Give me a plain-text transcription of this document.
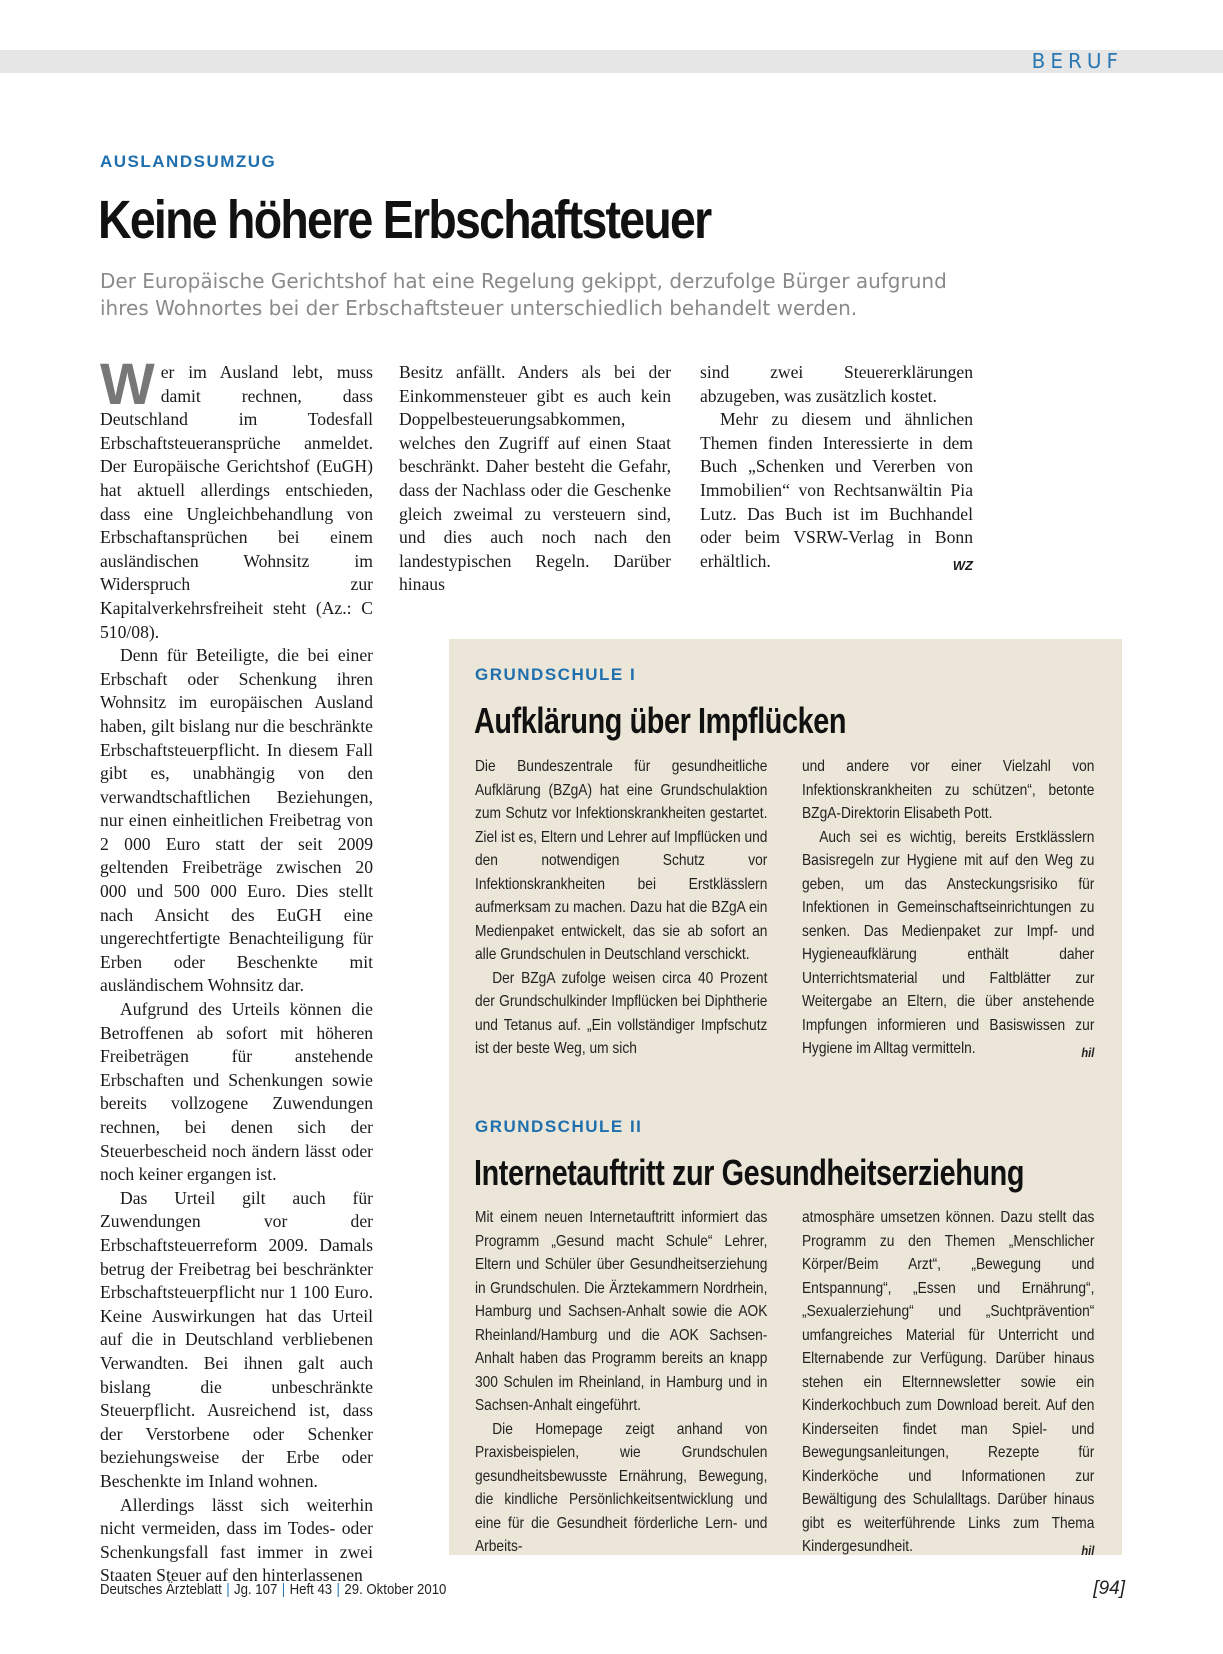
BERUF
AUSLANDSUMZUG
Keine höhere Erbschaftsteuer
Der Europäische Gerichtshof hat eine Regelung gekippt, derzufolge Bürger aufgrund ihres Wohnortes bei der Erbschaftsteuer unterschiedlich behandelt werden.

Wer im Ausland lebt, muss damit rechnen, dass Deutschland im Todesfall Erbschaftsteueransprüche anmeldet. Der Europäische Gerichtshof (EuGH) hat aktuell allerdings entschieden, dass eine Ungleichbehandlung von Erbschaftansprüchen bei einem ausländischen Wohnsitz im Widerspruch zur Kapitalverkehrsfreiheit steht (Az.: C 510/08).

Denn für Beteiligte, die bei einer Erbschaft oder Schenkung ihren Wohnsitz im europäischen Ausland haben, gilt bislang nur die beschränkte Erbschaftsteuerpflicht. In diesem Fall gibt es, unabhängig von den verwandtschaftlichen Beziehungen, nur einen einheitlichen Freibetrag von 2 000 Euro statt der seit 2009 geltenden Freibeträge zwischen 20 000 und 500 000 Euro. Dies stellt nach Ansicht des EuGH eine ungerechtfertigte Benachteiligung für Erben oder Beschenkte mit ausländischem Wohnsitz dar.

Aufgrund des Urteils können die Betroffenen ab sofort mit höheren Freibeträgen für anstehende Erbschaften und Schenkungen sowie bereits vollzogene Zuwendungen rechnen, bei denen sich der Steuerbescheid noch ändern lässt oder noch keiner ergangen ist.

Das Urteil gilt auch für Zuwendungen vor der Erbschaftsteuerreform 2009. Damals betrug der Freibetrag bei beschränkter Erbschaftsteuerpflicht nur 1 100 Euro. Keine Auswirkungen hat das Urteil auf die in Deutschland verbliebenen Verwandten. Bei ihnen galt auch bislang die unbeschränkte Steuerpflicht. Ausreichend ist, dass der Verstorbene oder Schenker beziehungsweise der Erbe oder Beschenkte im Inland wohnen.

Allerdings lässt sich weiterhin nicht vermeiden, dass im Todes- oder Schenkungsfall fast immer in zwei Staaten Steuer auf den hinterlassenen

Besitz anfällt. Anders als bei der Einkommensteuer gibt es auch kein Doppelbesteuerungsabkommen, welches den Zugriff auf einen Staat beschränkt. Daher besteht die Gefahr, dass der Nachlass oder die Geschenke gleich zweimal zu versteuern sind, und dies auch noch nach den landestypischen Regeln. Darüber hinaus

sind zwei Steuererklärungen abzugeben, was zusätzlich kostet.

Mehr zu diesem und ähnlichen Themen finden Interessierte in dem Buch „Schenken und Vererben von Immobilien“ von Rechtsanwältin Pia Lutz. Das Buch ist im Buchhandel oder beim VSRW-Verlag in Bonn erhältlich.	WZ

GRUNDSCHULE I
Aufklärung über Impflücken

Die Bundeszentrale für gesundheitliche Aufklärung (BZgA) hat eine Grundschulaktion zum Schutz vor Infektionskrankheiten gestartet. Ziel ist es, Eltern und Lehrer auf Impflücken und den notwendigen Schutz vor Infektionskrankheiten bei Erstklässlern aufmerksam zu machen. Dazu hat die BZgA ein Medienpaket entwickelt, das sie ab sofort an alle Grundschulen in Deutschland verschickt.

Der BZgA zufolge weisen circa 40 Prozent der Grundschulkinder Impflücken bei Diphtherie und Tetanus auf. „Ein vollständiger Impfschutz ist der beste Weg, um sich

und andere vor einer Vielzahl von Infektionskrankheiten zu schützen“, betonte BZgA-Direktorin Elisabeth Pott.

Auch sei es wichtig, bereits Erstklässlern Basisregeln zur Hygiene mit auf den Weg zu geben, um das Ansteckungsrisiko für Infektionen in Gemeinschaftseinrichtungen zu senken. Das Medienpaket zur Impf- und Hygieneaufklärung enthält daher Unterrichtsmaterial und Faltblätter zur Weitergabe an Eltern, die über anstehende Impfungen informieren und Basiswissen zur Hygiene im Alltag vermitteln.	hil

GRUNDSCHULE II
Internetauftritt zur Gesundheitserziehung

Mit einem neuen Internetauftritt informiert das Programm „Gesund macht Schule“ Lehrer, Eltern und Schüler über Gesundheitserziehung in Grundschulen. Die Ärztekammern Nordrhein, Hamburg und Sachsen-Anhalt sowie die AOK Rheinland/Hamburg und die AOK Sachsen-Anhalt haben das Programm bereits an knapp 300 Schulen im Rheinland, in Hamburg und in Sachsen-Anhalt eingeführt.

Die Homepage zeigt anhand von Praxisbeispielen, wie Grundschulen gesundheitsbewusste Ernährung, Bewegung, die kindliche Persönlichkeitsentwicklung und eine für die Gesundheit förderliche Lern- und Arbeits-

atmosphäre umsetzen können. Dazu stellt das Programm zu den Themen „Menschlicher Körper/Beim Arzt“, „Bewegung und Entspannung“, „Essen und Ernährung“, „Sexualerziehung“ und „Suchtprävention“ umfangreiches Material für Unterricht und Elternabende zur Verfügung. Darüber hinaus stehen ein Elternnewsletter sowie ein Kinderkochbuch zum Download bereit. Auf den Kinderseiten findet man Spiel- und Bewegungsanleitungen, Rezepte für Kinderköche und Informationen zur Bewältigung des Schulalltags. Darüber hinaus gibt es weiterführende Links zum Thema Kindergesundheit.	hil

Deutsches Ärzteblatt | Jg. 107 | Heft 43 | 29. Oktober 2010	[94]
